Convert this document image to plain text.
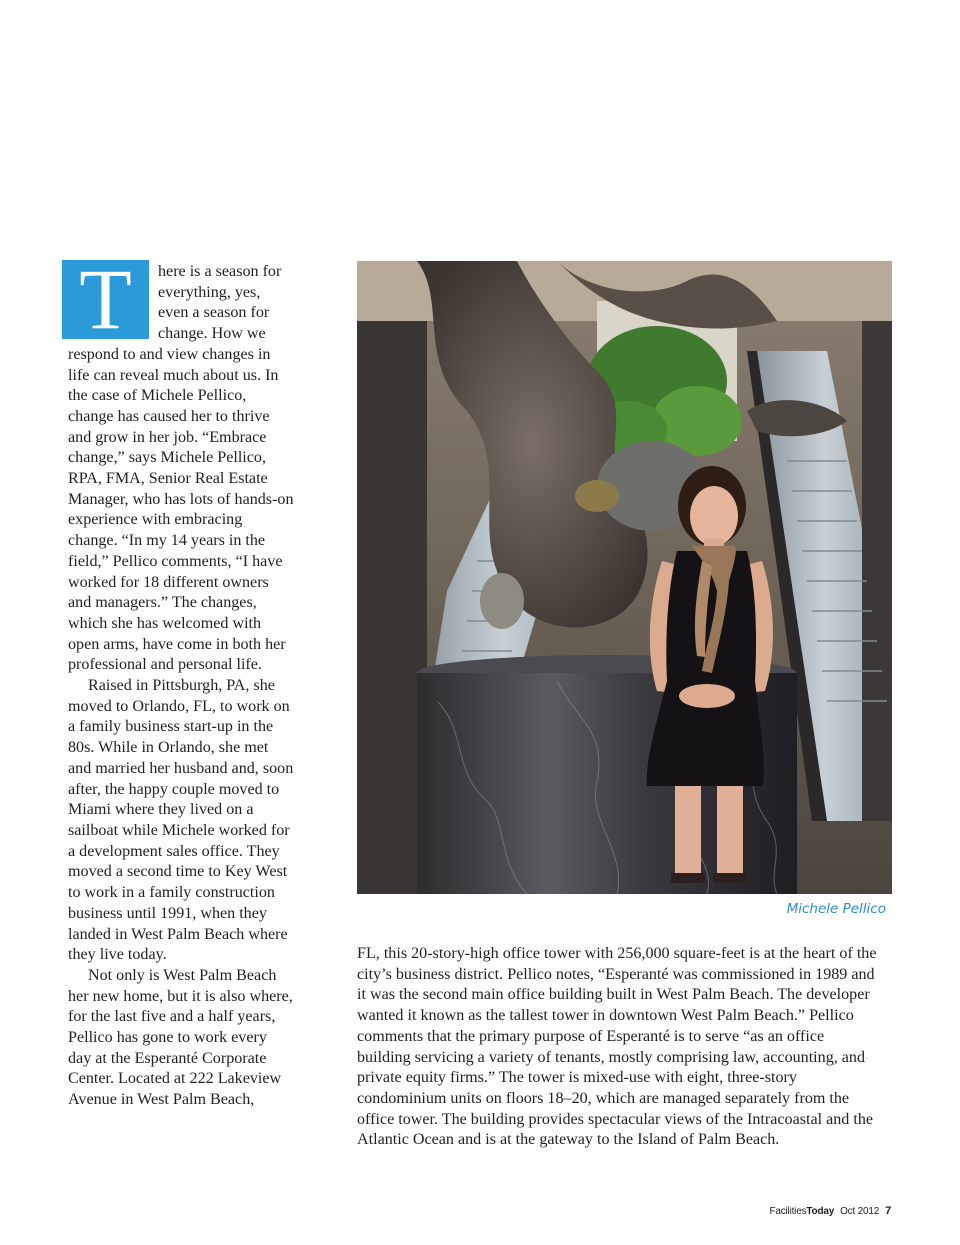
T	here is a season for everything, yes, even a season for change. How we respond to and view changes in life can reveal much about us. In the case of Michele Pellico, change has caused her to thrive and grow in her job. “Embrace change,” says Michele Pellico, RPA, FMA, Senior Real Estate Manager, who has lots of hands-on experience with embracing change. “In my 14 years in the field,” Pellico comments, “I have worked for 18 different owners and managers.” The changes, which she has welcomed with open arms, have come in both her professional and personal life.

Raised in Pittsburgh, PA, she moved to Orlando, FL, to work on a family business start-up in the 80s. While in Orlando, she met and married her husband and, soon after, the happy couple moved to Miami where they lived on a sailboat while Michele worked for a development sales office. They moved a second time to Key West to work in a family construction business until 1991, when they landed in West Palm Beach where they live today.

Not only is West Palm Beach her new home, but it is also where, for the last five and a half years, Pellico has gone to work every day at the Esperanté Corporate Center. Located at 222 Lakeview Avenue in West Palm Beach,

Michele Pellico

FL, this 20-story-high office tower with 256,000 square-feet is at the heart of the city’s business district. Pellico notes, “Esperanté was commissioned in 1989 and it was the second main office building built in West Palm Beach. The developer wanted it known as the tallest tower in downtown West Palm Beach.” Pellico comments that the primary purpose of Esperanté is to serve “as an office building servicing a variety of tenants, mostly comprising law, accounting, and private equity firms.” The tower is mixed-use with eight, three-story condominium units on floors 18–20, which are managed separately from the office tower. The building provides spectacular views of the Intracoastal and the Atlantic Ocean and is at the gateway to the Island of Palm Beach.

FacilitiesToday Oct 2012 7
